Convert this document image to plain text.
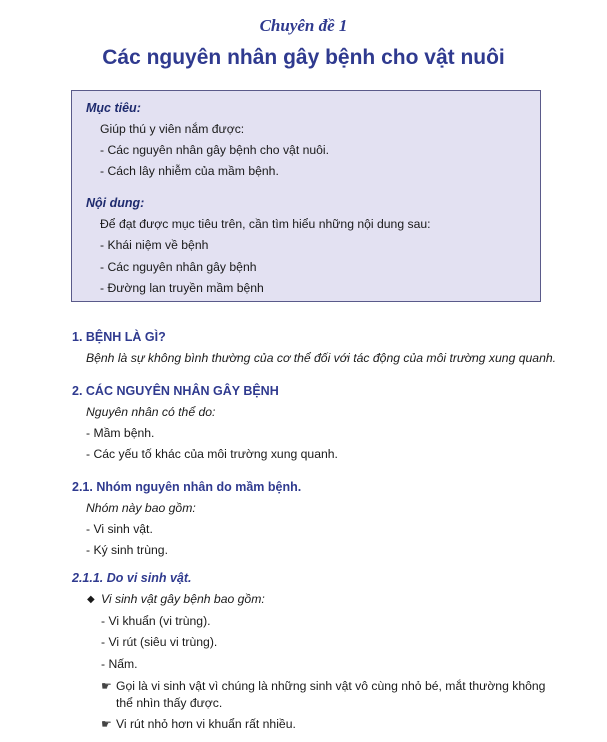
Chuyên đề 1
Các nguyên nhân gây bệnh cho vật nuôi
Mục tiêu:
Giúp thú y viên nắm được:
- Các nguyên nhân gây bệnh cho vật nuôi.
- Cách lây nhiễm của mầm bệnh.
Nội dung:
Để đạt được mục tiêu trên, cần tìm hiểu những nội dung sau:
- Khái niệm về bệnh
- Các nguyên nhân gây bệnh
- Đường lan truyền mầm bệnh
1. BỆNH LÀ GÌ?
Bệnh là sự không bình thường của cơ thể đối với tác động của môi trường xung quanh.
2. CÁC NGUYÊN NHÂN GÂY BỆNH
Nguyên nhân có thể do:
- Mầm bệnh.
- Các yếu tố khác của môi trường xung quanh.
2.1. Nhóm nguyên nhân do mầm bệnh.
Nhóm này bao gồm:
- Vi sinh vật.
- Ký sinh trùng.
2.1.1. Do vi sinh vật.
◆ Vi sinh vật gây bệnh bao gồm:
- Vi khuẩn (vi trùng).
- Vi rút (siêu vi trùng).
- Nấm.
☛ Gọi là vi sinh vật vì chúng là những sinh vật vô cùng nhỏ bé, mắt thường không
thể nhìn thấy được.
☛ Vi rút nhỏ hơn vi khuẩn rất nhiều.
